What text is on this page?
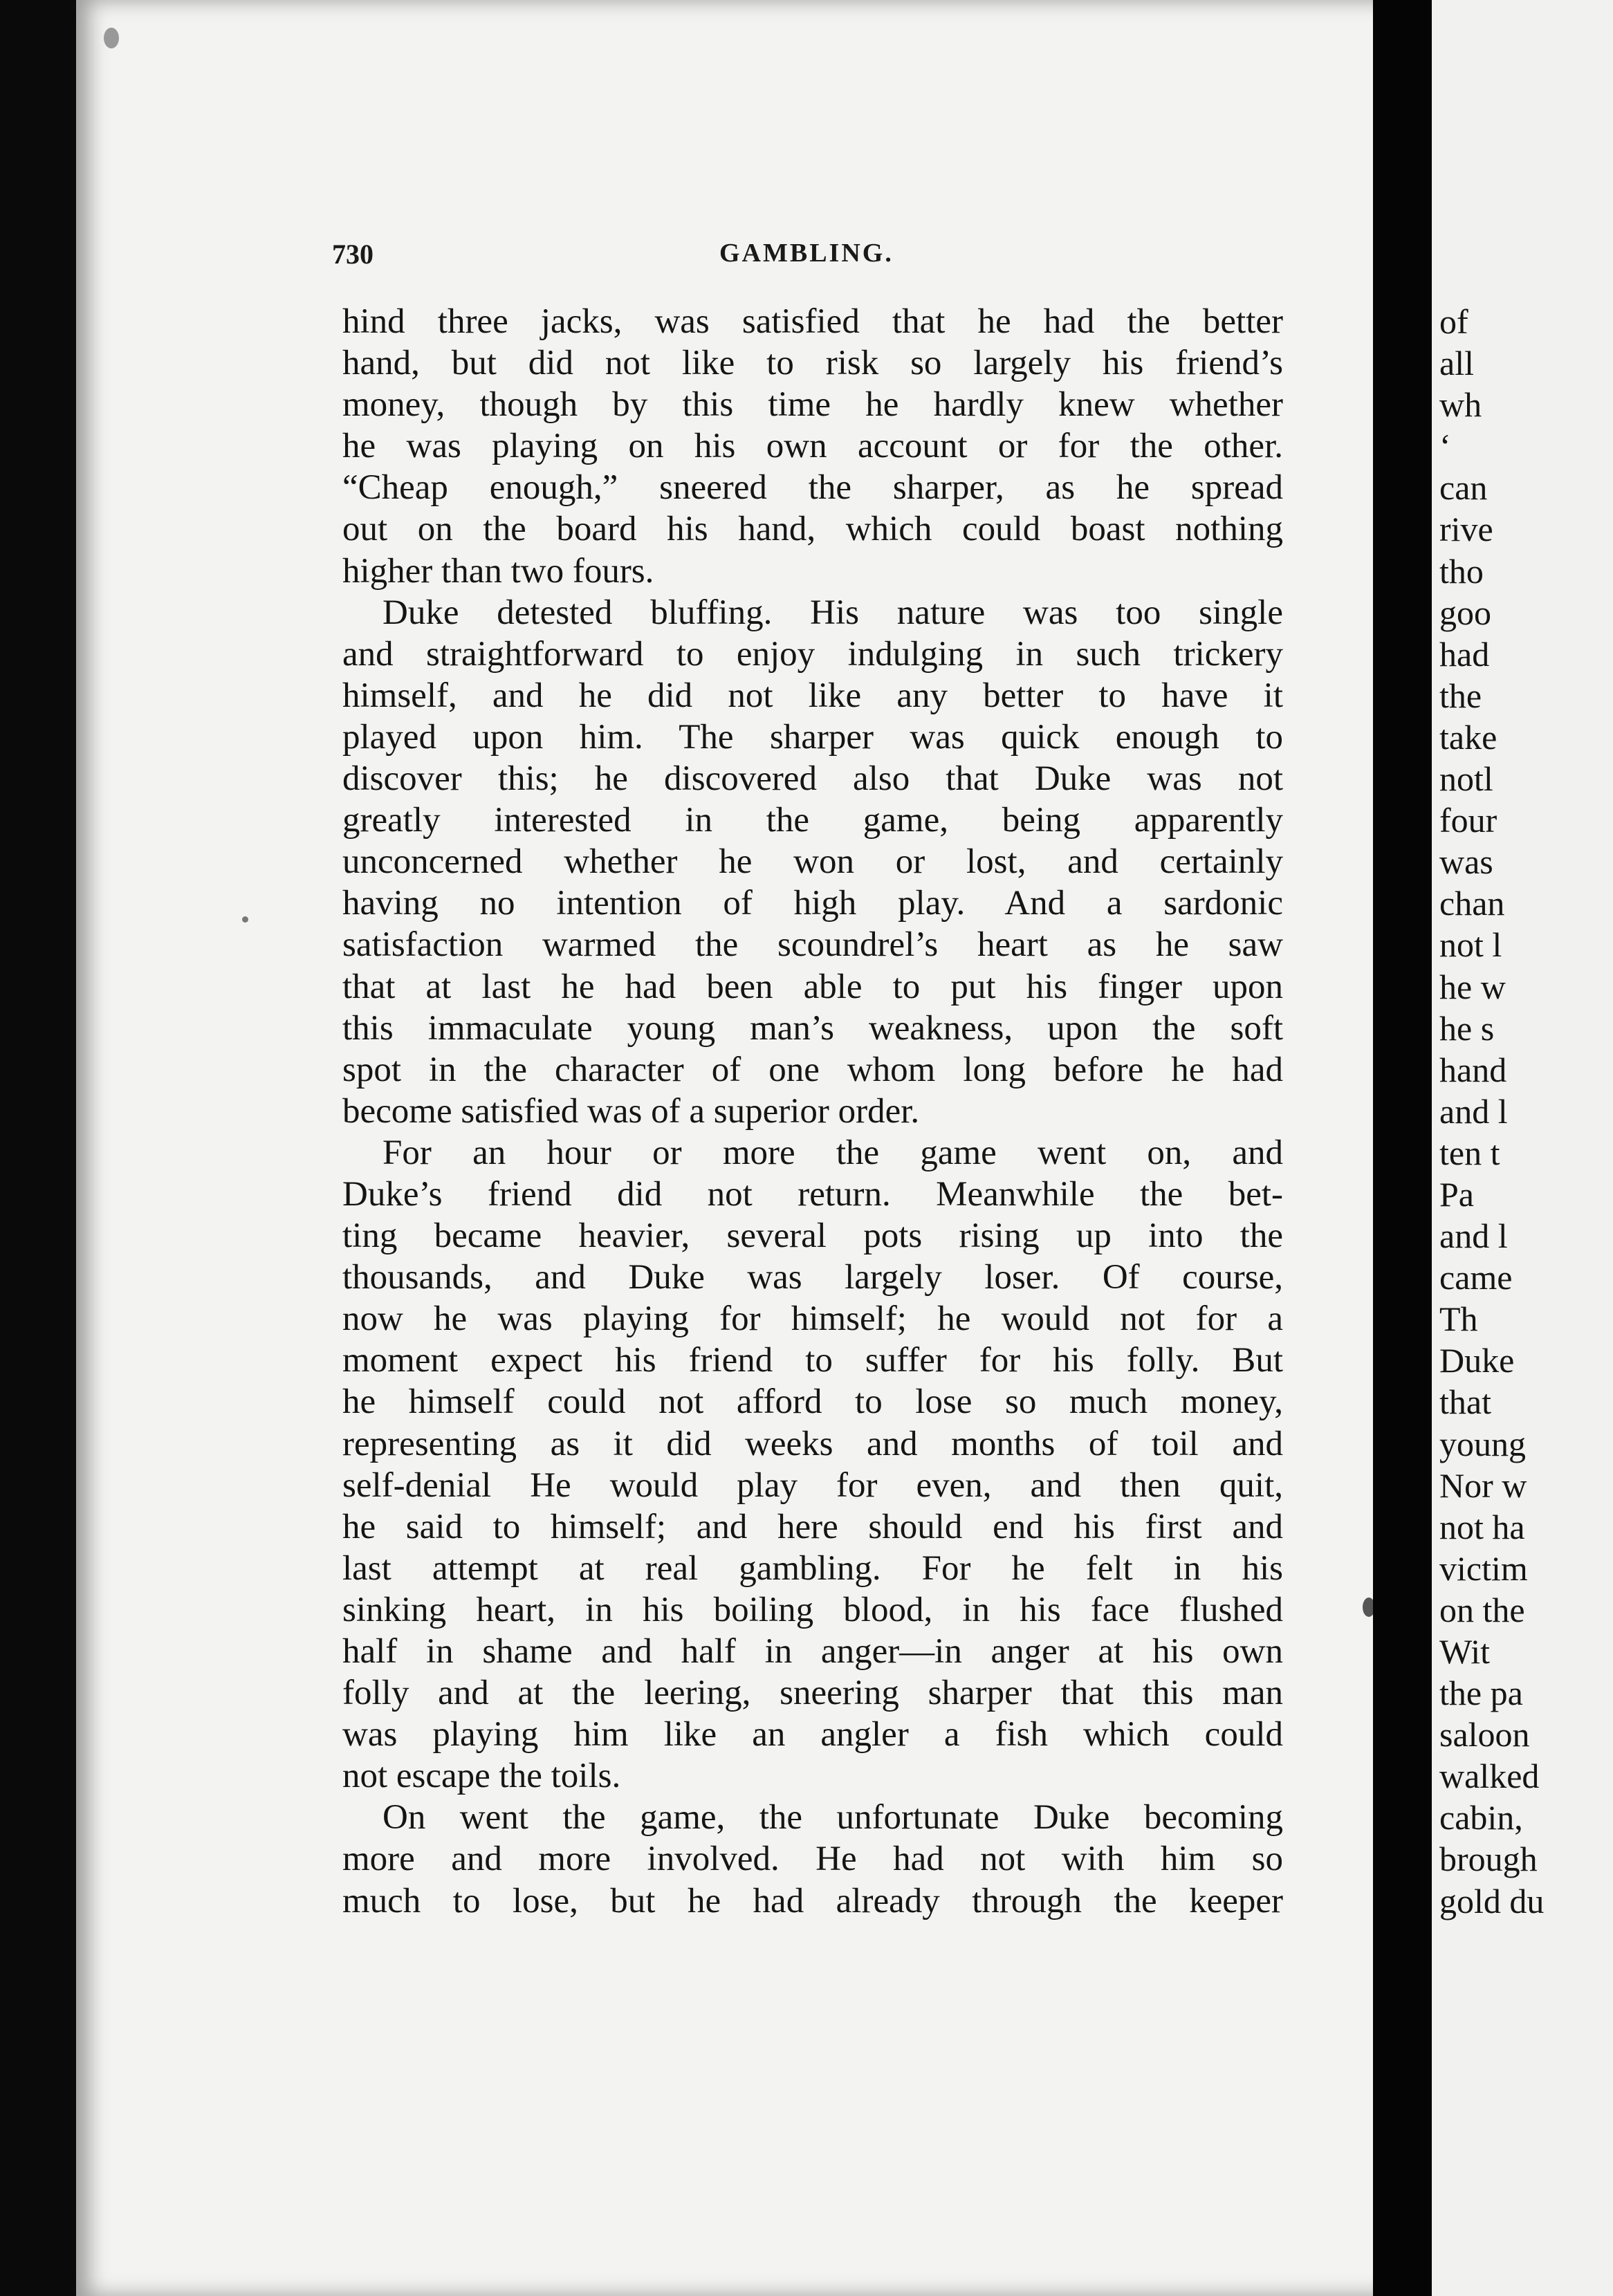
730	GAMBLING.
hind three jacks, was satisfied that he had the better
hand, but did not like to risk so largely his friend’s
money, though by this time he hardly knew whether
he was playing on his own account or for the other.
“Cheap enough,” sneered the sharper, as he spread
out on the board his hand, which could boast nothing
higher than two fours.
Duke detested bluffing. His nature was too single
and straightforward to enjoy indulging in such trickery
himself, and he did not like any better to have it
played upon him. The sharper was quick enough to
discover this; he discovered also that Duke was not
greatly interested in the game, being apparently
unconcerned whether he won or lost, and certainly
having no intention of high play. And a sardonic
satisfaction warmed the scoundrel’s heart as he saw
that at last he had been able to put his finger upon
this immaculate young man’s weakness, upon the soft
spot in the character of one whom long before he had
become satisfied was of a superior order.
For an hour or more the game went on, and
Duke’s friend did not return. Meanwhile the bet-
ting became heavier, several pots rising up into the
thousands, and Duke was largely loser. Of course,
now he was playing for himself; he would not for a
moment expect his friend to suffer for his folly. But
he himself could not afford to lose so much money,
representing as it did weeks and months of toil and
self-denial He would play for even, and then quit,
he said to himself; and here should end his first and
last attempt at real gambling. For he felt in his
sinking heart, in his boiling blood, in his face flushed
half in shame and half in anger—in anger at his own
folly and at the leering, sneering sharper that this man
was playing him like an angler a fish which could
not escape the toils.
On went the game, the unfortunate Duke becoming
more and more involved. He had not with him so
much to lose, but he had already through the keeper
of
all
wh
‘
can
rive
tho
goo
had
the
take
notl
four
was
chan
not l
he w
he s
hand
and l
ten t
Pa
and l
came
Th
Duke
that
young
Nor w
not ha
victim
on the
Wit
the pa
saloon
walked
cabin,
brough
gold du
